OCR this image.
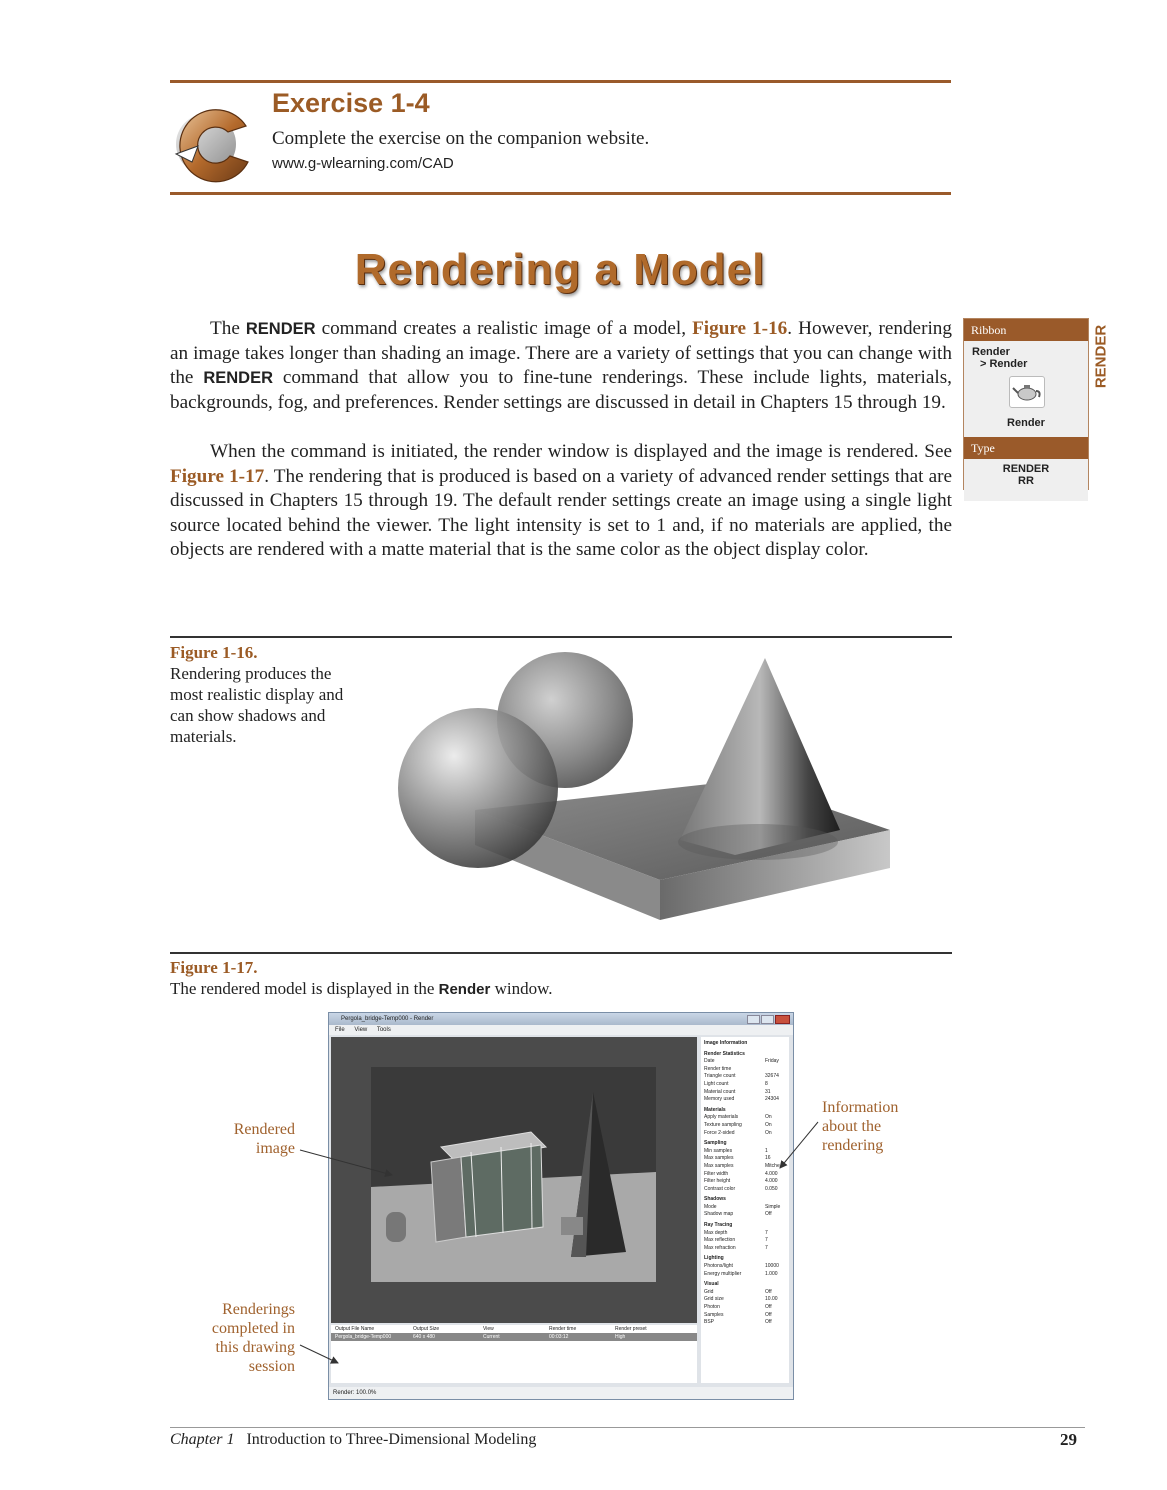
Exercise 1-4
Complete the exercise on the companion website.
www.g-wlearning.com/CAD
Rendering a Model

The RENDER command creates a realistic image of a model, Figure 1-16. However, rendering an image takes longer than shading an image. There are a variety of settings that you can change with the RENDER command that allow you to fine-tune renderings. These include lights, materials, backgrounds, fog, and preferences. Render settings are discussed in detail in Chapters 15 through 19.

When the command is initiated, the render window is displayed and the image is rendered. See Figure 1-17. The rendering that is produced is based on a variety of advanced render settings that are discussed in Chapters 15 through 19. The default render settings create an image using a single light source located behind the viewer. The light intensity is set to 1 and, if no materials are applied, the objects are rendered with a matte material that is the same color as the object display color.

Ribbon
Render
> Render
Render
Type
RENDER
RR
RENDER
Figure 1-16.
Rendering produces the most realistic display and can show shadows and materials.
Figure 1-17.
The rendered model is displayed in the Render window.
Pergola_bridge-Temp000 - Render
File View Tools
Image Information
Render Statistics
Date	Friday
Render time
Triangle count	32674
Light count	8
Material count	31
Memory used	24304
Materials
Apply materials	On
Texture sampling	On
Force 2-sided	On
Sampling
Min samples	1
Max samples	16
Max samples	Mitche
Filter width	4.000
Filter height	4.000
Contrast color	0.050
Shadows
Mode	Simple
Shadow map	Off
Ray Tracing
Max depth	7
Max reflection	7
Max refraction	7
Lighting
Photons/light	10000
Energy multiplier	1.000
Visual
Grid	Off
Grid size	10.00
Photon	Off
Samples	Off
BSP	Off
Output File Name	Output Size	View	Render time	Render preset
Pergola_bridge-Temp000	640 x 480	Current	00:03:12	High
Render: 100.0%
Rendered
image
Information
about the
rendering
Renderings
completed in
this drawing
session
Chapter 1 Introduction to Three-Dimensional Modeling	29
